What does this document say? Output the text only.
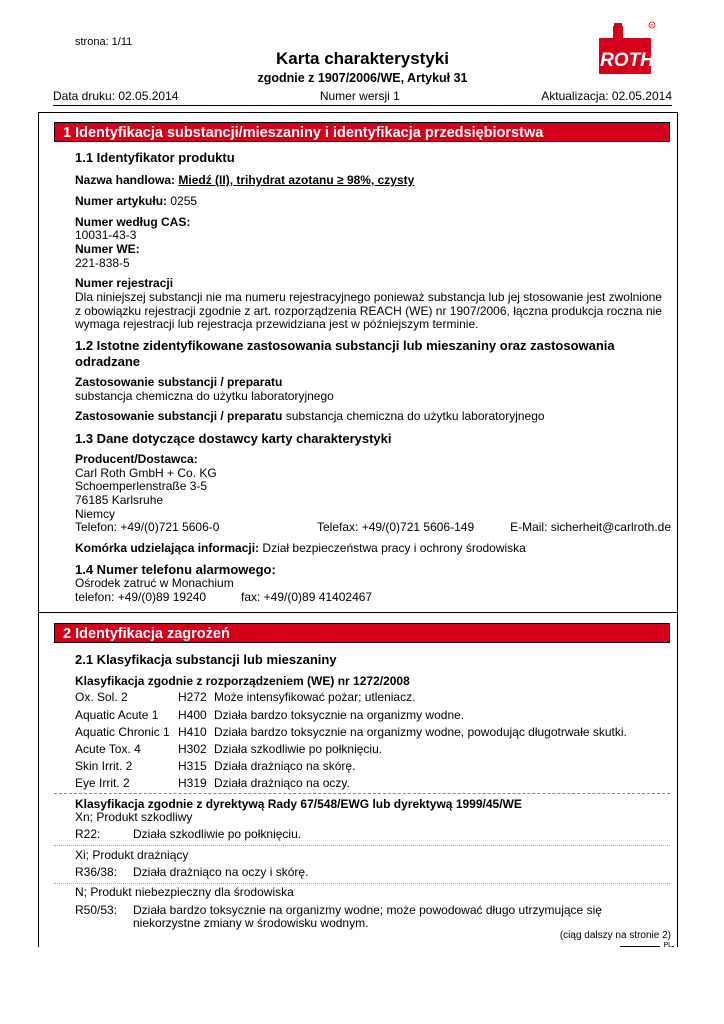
strona: 1/11
Karta charakterystyki
zgodnie z 1907/2006/WE, Artykuł 31
ROTH
R
Data druku: 02.05.2014	Numer wersji 1	Aktualizacja: 02.05.2014
1 Identyfikacja substancji/mieszaniny i identyfikacja przedsiębiorstwa
1.1 Identyfikator produktu
Nazwa handlowa: Miedź (II), trihydrat azotanu ≥ 98%, czysty
Numer artykułu: 0255
Numer według CAS:
10031-43-3
Numer WE:
221-838-5
Numer rejestracji
Dla niniejszej substancji nie ma numeru rejestracyjnego ponieważ substancja lub jej stosowanie jest zwolnione
z obowiązku rejestracji zgodnie z art. rozporządzenia REACH (WE) nr 1907/2006, łączna produkcja roczna nie
wymaga rejestracji lub rejestracja przewidziana jest w późniejszym terminie.
1.2 Istotne zidentyfikowane zastosowania substancji lub mieszaniny oraz zastosowania
odradzane
Zastosowanie substancji / preparatu
substancja chemiczna do użytku laboratoryjnego
Zastosowanie substancji / preparatu substancja chemiczna do użytku laboratoryjnego
1.3 Dane dotyczące dostawcy karty charakterystyki
Producent/Dostawca:
Carl Roth GmbH + Co. KG
Schoemperlenstraße 3-5
76185 Karlsruhe
Niemcy
Telefon: +49/(0)721 5606-0	Telefax: +49/(0)721 5606-149	E-Mail: sicherheit@carlroth.de
Komórka udzielająca informacji: Dział bezpieczeństwa pracy i ochrony środowiska
1.4 Numer telefonu alarmowego:
Ośrodek zatruć w Monachium
telefon: +49/(0)89 19240	fax: +49/(0)89 41402467
2 Identyfikacja zagrożeń
2.1 Klasyfikacja substancji lub mieszaniny
Klasyfikacja zgodnie z rozporządzeniem (WE) nr 1272/2008
Ox. Sol. 2	H272 Może intensyfikować pożar; utleniacz.
Aquatic Acute 1 H400 Działa bardzo toksycznie na organizmy wodne.
Aquatic Chronic 1 H410 Działa bardzo toksycznie na organizmy wodne, powodując długotrwałe skutki.
Acute Tox. 4	H302 Działa szkodliwie po połknięciu.
Skin Irrit. 2	H315 Działa drażniąco na skórę.
Eye Irrit. 2	H319 Działa drażniąco na oczy.
Klasyfikacja zgodnie z dyrektywą Rady 67/548/EWG lub dyrektywą 1999/45/WE
Xn; Produkt szkodliwy
R22:	Działa szkodliwie po połknięciu.
Xi; Produkt drażniący
R36/38: Działa drażniąco na oczy i skórę.
N; Produkt niebezpieczny dla środowiska
R50/53: Działa bardzo toksycznie na organizmy wodne; może powodować długo utrzymujące się
niekorzystne zmiany w środowisku wodnym.
(ciąg dalszy na stronie 2)
PL
